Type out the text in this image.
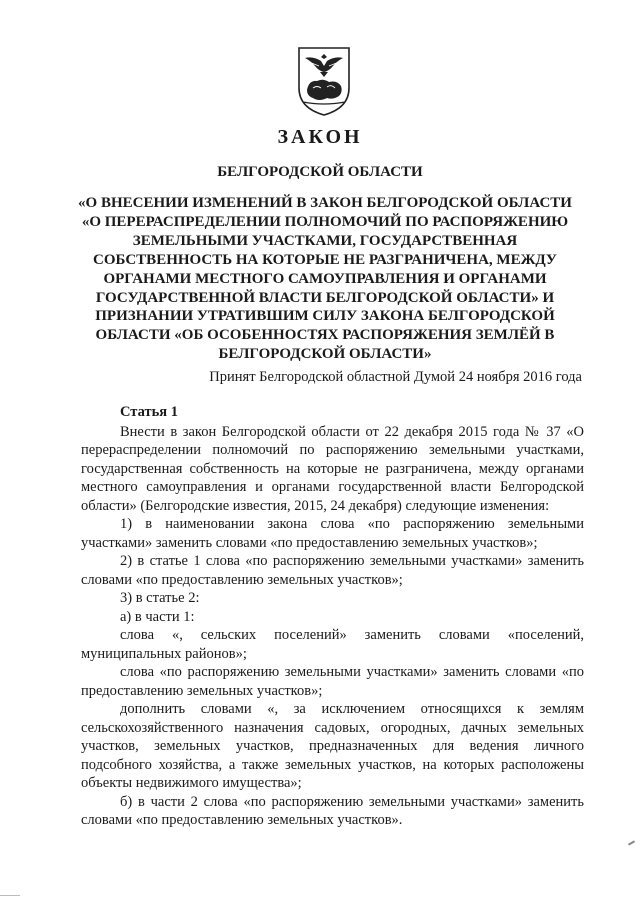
ЗАКОН
БЕЛГОРОДСКОЙ ОБЛАСТИ
«О ВНЕСЕНИИ ИЗМЕНЕНИЙ В ЗАКОН БЕЛГОРОДСКОЙ ОБЛАСТИ
«О ПЕРЕРАСПРЕДЕЛЕНИИ ПОЛНОМОЧИЙ ПО РАСПОРЯЖЕНИЮ
ЗЕМЕЛЬНЫМИ УЧАСТКАМИ, ГОСУДАРСТВЕННАЯ
СОБСТВЕННОСТЬ НА КОТОРЫЕ НЕ РАЗГРАНИЧЕНА, МЕЖДУ
ОРГАНАМИ МЕСТНОГО САМОУПРАВЛЕНИЯ И ОРГАНАМИ
ГОСУДАРСТВЕННОЙ ВЛАСТИ БЕЛГОРОДСКОЙ ОБЛАСТИ» И
ПРИЗНАНИИ УТРАТИВШИМ СИЛУ ЗАКОНА БЕЛГОРОДСКОЙ
ОБЛАСТИ «ОБ ОСОБЕННОСТЯХ РАСПОРЯЖЕНИЯ ЗЕМЛЁЙ В
БЕЛГОРОДСКОЙ ОБЛАСТИ»
Принят Белгородской областной Думой 24 ноября 2016 года

Статья 1

Внести в закон Белгородской области от 22 декабря 2015 года № 37 «О перераспределении полномочий по распоряжению земельными участками, государственная собственность на которые не разграничена, между органами местного самоуправления и органами государственной власти Белгородской области» (Белгородские известия, 2015, 24 декабря) следующие изменения:

1) в наименовании закона слова «по распоряжению земельными участками» заменить словами «по предоставлению земельных участков»;

2) в статье 1 слова «по распоряжению земельными участками» заменить словами «по предоставлению земельных участков»;

3) в статье 2:

а) в части 1:

слова «, сельских поселений» заменить словами «поселений, муниципальных районов»;

слова «по распоряжению земельными участками» заменить словами «по предоставлению земельных участков»;

дополнить словами «, за исключением относящихся к землям сельскохозяйственного назначения садовых, огородных, дачных земельных участков, земельных участков, предназначенных для ведения личного подсобного хозяйства, а также земельных участков, на которых расположены объекты недвижимого имущества»;

б) в части 2 слова «по распоряжению земельными участками» заменить словами «по предоставлению земельных участков».
